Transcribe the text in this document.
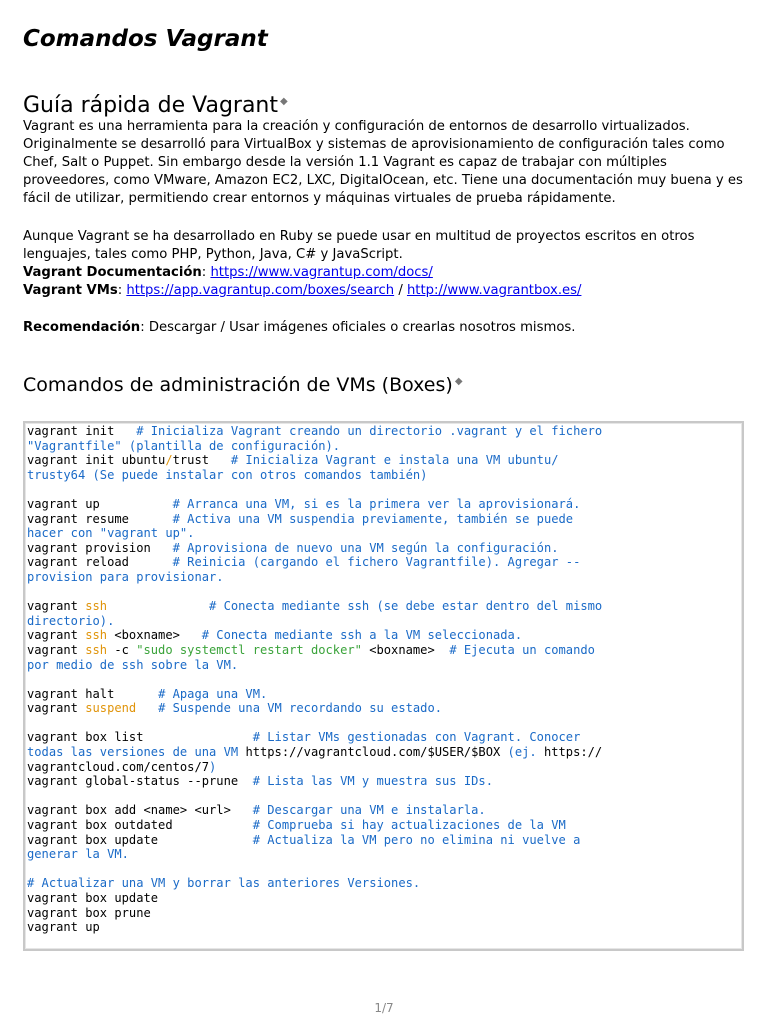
Comandos Vagrant
Guía rápida de Vagrant ◆

Vagrant es una herramienta para la creación y configuración de entornos de desarrollo virtualizados. Originalmente se desarrolló para VirtualBox y sistemas de aprovisionamiento de configuración tales como Chef, Salt o Puppet. Sin embargo desde la versión 1.1 Vagrant es capaz de trabajar con múltiples proveedores, como VMware, Amazon EC2, LXC, DigitalOcean, etc. Tiene una documentación muy buena y es fácil de utilizar, permitiendo crear entornos y máquinas virtuales de prueba rápidamente.

Aunque Vagrant se ha desarrollado en Ruby se puede usar en multitud de proyectos escritos en otros lenguajes, tales como PHP, Python, Java, C# y JavaScript.

Vagrant Documentación: https://www.vagrantup.com/docs/

Vagrant VMs: https://app.vagrantup.com/boxes/search / http://www.vagrantbox.es/

Recomendación: Descargar / Usar imágenes oficiales o crearlas nosotros mismos.

Comandos de administración de VMs (Boxes) ◆
vagrant init   # Inicializa Vagrant creando un directorio .vagrant y el fichero
"Vagrantfile" (plantilla de configuración).
vagrant init ubuntu/trust   # Inicializa Vagrant e instala una VM ubuntu/
trusty64 (Se puede instalar con otros comandos también)

vagrant up          # Arranca una VM, si es la primera ver la aprovisionará.
vagrant resume      # Activa una VM suspendia previamente, también se puede
hacer con "vagrant up".
vagrant provision   # Aprovisiona de nuevo una VM según la configuración.
vagrant reload      # Reinicia (cargando el fichero Vagrantfile). Agregar --
provision para provisionar.

vagrant ssh	# Conecta mediante ssh (se debe estar dentro del mismo
directorio).
vagrant ssh <boxname>   # Conecta mediante ssh a la VM seleccionada.
vagrant ssh -c "sudo systemctl restart docker" <boxname>  # Ejecuta un comando
por medio de ssh sobre la VM.

vagrant halt      # Apaga una VM.
vagrant suspend # Suspende una VM recordando su estado.

vagrant box list               # Listar VMs gestionadas con Vagrant. Conocer
todas las versiones de una VM https://vagrantcloud.com/$USER/$BOX (ej. https://
vagrantcloud.com/centos/7)
vagrant global-status --prune  # Lista las VM y muestra sus IDs.

vagrant box add <name> <url>   # Descargar una VM e instalarla.
vagrant box outdated           # Comprueba si hay actualizaciones de la VM
vagrant box update             # Actualiza la VM pero no elimina ni vuelve a
generar la VM.

# Actualizar una VM y borrar las anteriores Versiones.
vagrant box update
vagrant box prune
vagrant up
1/7
